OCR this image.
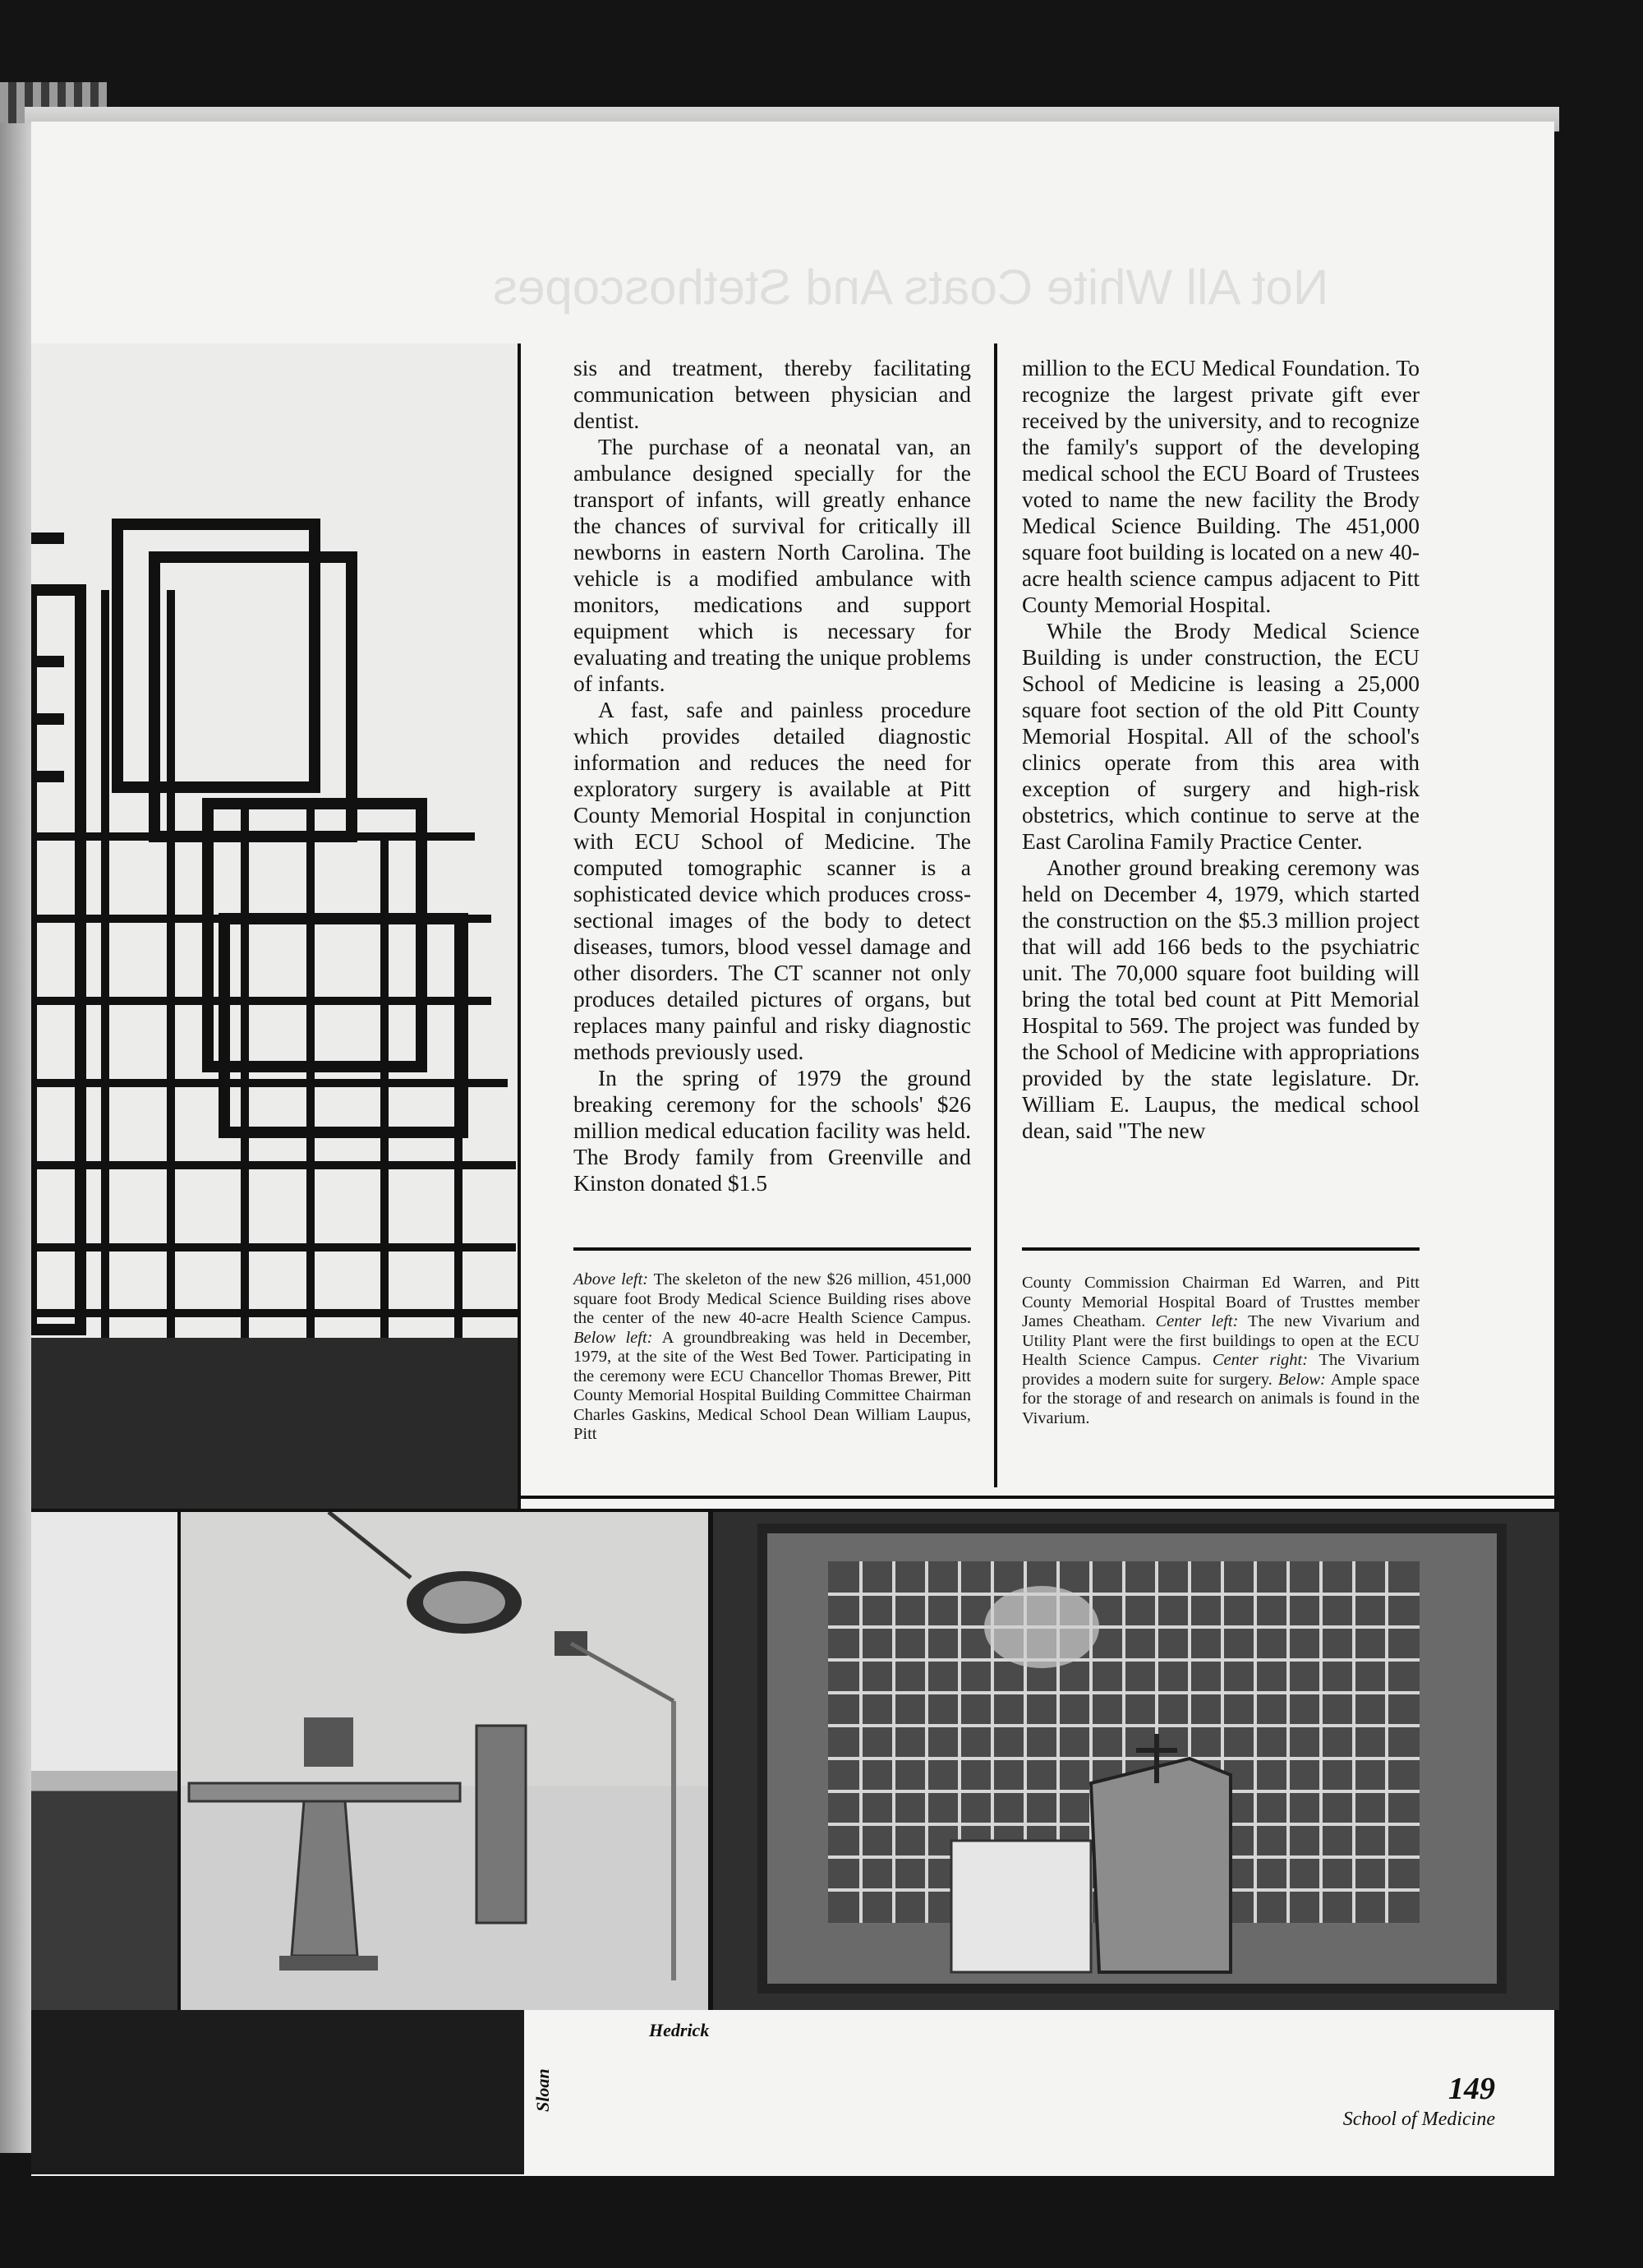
Not All White Coats And Stethoscopes

sis and treatment, thereby facilitating communication between physician and dentist.

The purchase of a neonatal van, an ambulance designed specially for the transport of infants, will greatly enhance the chances of survival for critically ill newborns in eastern North Carolina. The vehicle is a modified ambulance with monitors, medications and support equipment which is necessary for evaluating and treating the unique problems of infants.

A fast, safe and painless procedure which provides detailed diagnostic information and reduces the need for exploratory surgery is available at Pitt County Memorial Hospital in conjunction with ECU School of Medicine. The computed tomographic scanner is a sophisticated device which produces cross-sectional images of the body to detect diseases, tumors, blood vessel damage and other disorders. The CT scanner not only produces detailed pictures of organs, but replaces many painful and risky diagnostic methods previously used.

In the spring of 1979 the ground breaking ceremony for the schools' $26 million medical education facility was held. The Brody family from Greenville and Kinston donated $1.5

million to the ECU Medical Foundation. To recognize the largest private gift ever received by the university, and to recognize the family's support of the developing medical school the ECU Board of Trustees voted to name the new facility the Brody Medical Science Building. The 451,000 square foot building is located on a new 40-acre health science campus adjacent to Pitt County Memorial Hospital.

While the Brody Medical Science Building is under construction, the ECU School of Medicine is leasing a 25,000 square foot section of the old Pitt County Memorial Hospital. All of the school's clinics operate from this area with exception of surgery and high-risk obstetrics, which continue to serve at the East Carolina Family Practice Center.

Another ground breaking ceremony was held on December 4, 1979, which started the construction on the $5.3 million project that will add 166 beds to the psychiatric unit. The 70,000 square foot building will bring the total bed count at Pitt Memorial Hospital to 569. The project was funded by the School of Medicine with appropriations provided by the state legislature. Dr. William E. Laupus, the medical school dean, said "The new

Above left: The skeleton of the new $26 million, 451,000 square foot Brody Medical Science Building rises above the center of the new 40-acre Health Science Campus. Below left: A groundbreaking was held in December, 1979, at the site of the West Bed Tower. Participating in the ceremony were ECU Chancellor Thomas Brewer, Pitt County Memorial Hospital Building Committee Chairman Charles Gaskins, Medical School Dean William Laupus, Pitt
County Commission Chairman Ed Warren, and Pitt County Memorial Hospital Board of Trusttes member James Cheatham. Center left: The new Vivarium and Utility Plant were the first buildings to open at the ECU Health Science Campus. Center right: The Vivarium provides a modern suite for surgery. Below: Ample space for the storage of and research on animals is found in the Vivarium.
Hedrick
Sloan	149
School of Medicine
